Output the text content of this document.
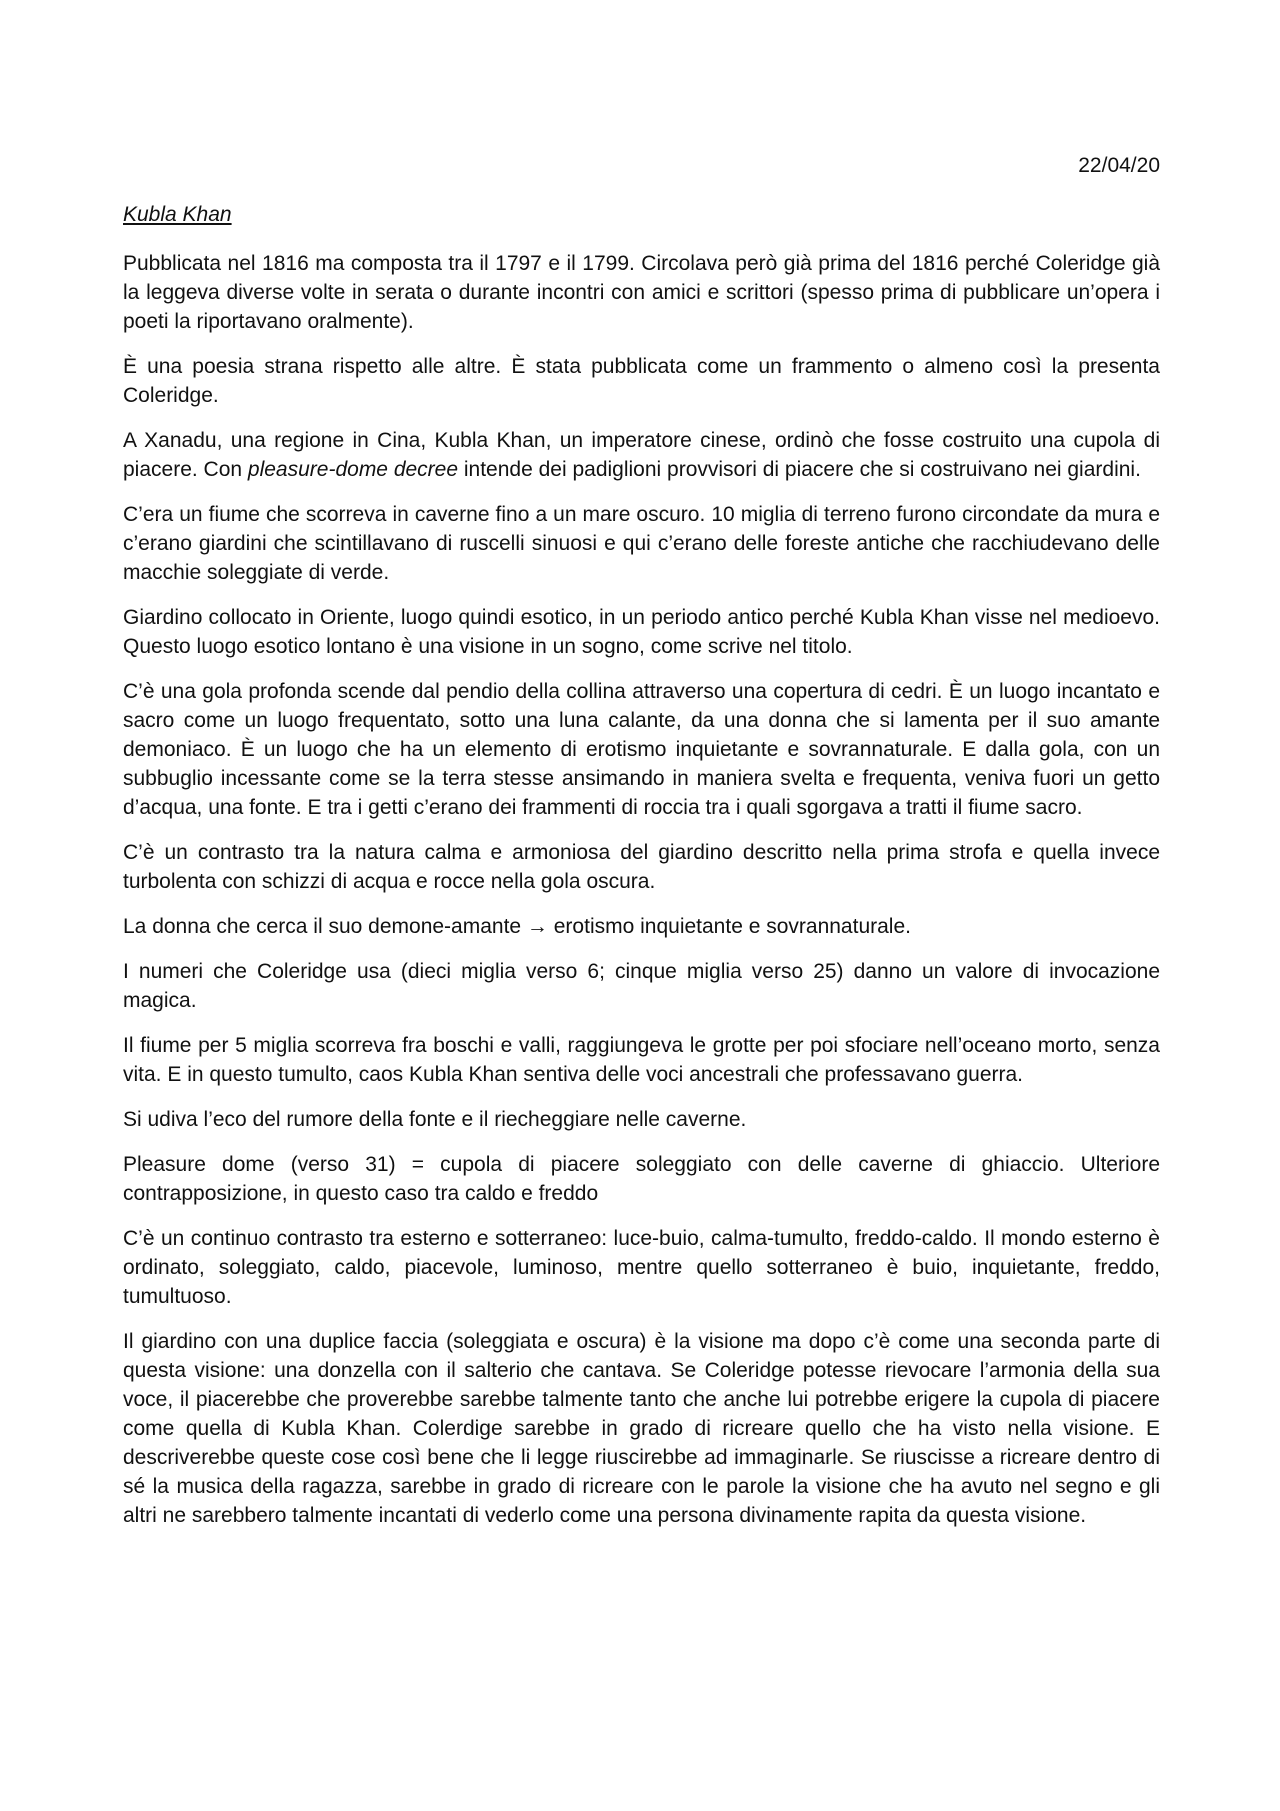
22/04/20

Kubla Khan

Pubblicata nel 1816 ma composta tra il 1797 e il 1799. Circolava però già prima del 1816 perché Coleridge già la leggeva diverse volte in serata o durante incontri con amici e scrittori (spesso prima di pubblicare un’opera i poeti la riportavano oralmente).

È una poesia strana rispetto alle altre. È stata pubblicata come un frammento o almeno così la presenta Coleridge.

A Xanadu, una regione in Cina, Kubla Khan, un imperatore cinese, ordinò che fosse costruito una cupola di piacere. Con pleasure-dome decree intende dei padiglioni provvisori di piacere che si costruivano nei giardini.

C’era un fiume che scorreva in caverne fino a un mare oscuro. 10 miglia di terreno furono circondate da mura e c’erano giardini che scintillavano di ruscelli sinuosi e qui c’erano delle foreste antiche che racchiudevano delle macchie soleggiate di verde.

Giardino collocato in Oriente, luogo quindi esotico, in un periodo antico perché Kubla Khan visse nel medioevo. Questo luogo esotico lontano è una visione in un sogno, come scrive nel titolo.

C’è una gola profonda scende dal pendio della collina attraverso una copertura di cedri. È un luogo incantato e sacro come un luogo frequentato, sotto una luna calante, da una donna che si lamenta per il suo amante demoniaco. È un luogo che ha un elemento di erotismo inquietante e sovrannaturale. E dalla gola, con un subbuglio incessante come se la terra stesse ansimando in maniera svelta e frequenta, veniva fuori un getto d’acqua, una fonte. E tra i getti c’erano dei frammenti di roccia tra i quali sgorgava a tratti il fiume sacro.

C’è un contrasto tra la natura calma e armoniosa del giardino descritto nella prima strofa e quella invece turbolenta con schizzi di acqua e rocce nella gola oscura.

La donna che cerca il suo demone-amante → erotismo inquietante e sovrannaturale.

I numeri che Coleridge usa (dieci miglia verso 6; cinque miglia verso 25) danno un valore di invocazione magica.

Il fiume per 5 miglia scorreva fra boschi e valli, raggiungeva le grotte per poi sfociare nell’oceano morto, senza vita. E in questo tumulto, caos Kubla Khan sentiva delle voci ancestrali che professavano guerra.

Si udiva l’eco del rumore della fonte e il riecheggiare nelle caverne.

Pleasure dome (verso 31) = cupola di piacere soleggiato con delle caverne di ghiaccio. Ulteriore contrapposizione, in questo caso tra caldo e freddo

C’è un continuo contrasto tra esterno e sotterraneo: luce-buio, calma-tumulto, freddo-caldo. Il mondo esterno è ordinato, soleggiato, caldo, piacevole, luminoso, mentre quello sotterraneo è buio, inquietante, freddo, tumultuoso.

Il giardino con una duplice faccia (soleggiata e oscura) è la visione ma dopo c’è come una seconda parte di questa visione: una donzella con il salterio che cantava. Se Coleridge potesse rievocare l’armonia della sua voce, il piacerebbe che proverebbe sarebbe talmente tanto che anche lui potrebbe erigere la cupola di piacere come quella di Kubla Khan. Colerdige sarebbe in grado di ricreare quello che ha visto nella visione. E descriverebbe queste cose così bene che li legge riuscirebbe ad immaginarle. Se riuscisse a ricreare dentro di sé la musica della ragazza, sarebbe in grado di ricreare con le parole la visione che ha avuto nel segno e gli altri ne sarebbero talmente incantati di vederlo come una persona divinamente rapita da questa visione.
